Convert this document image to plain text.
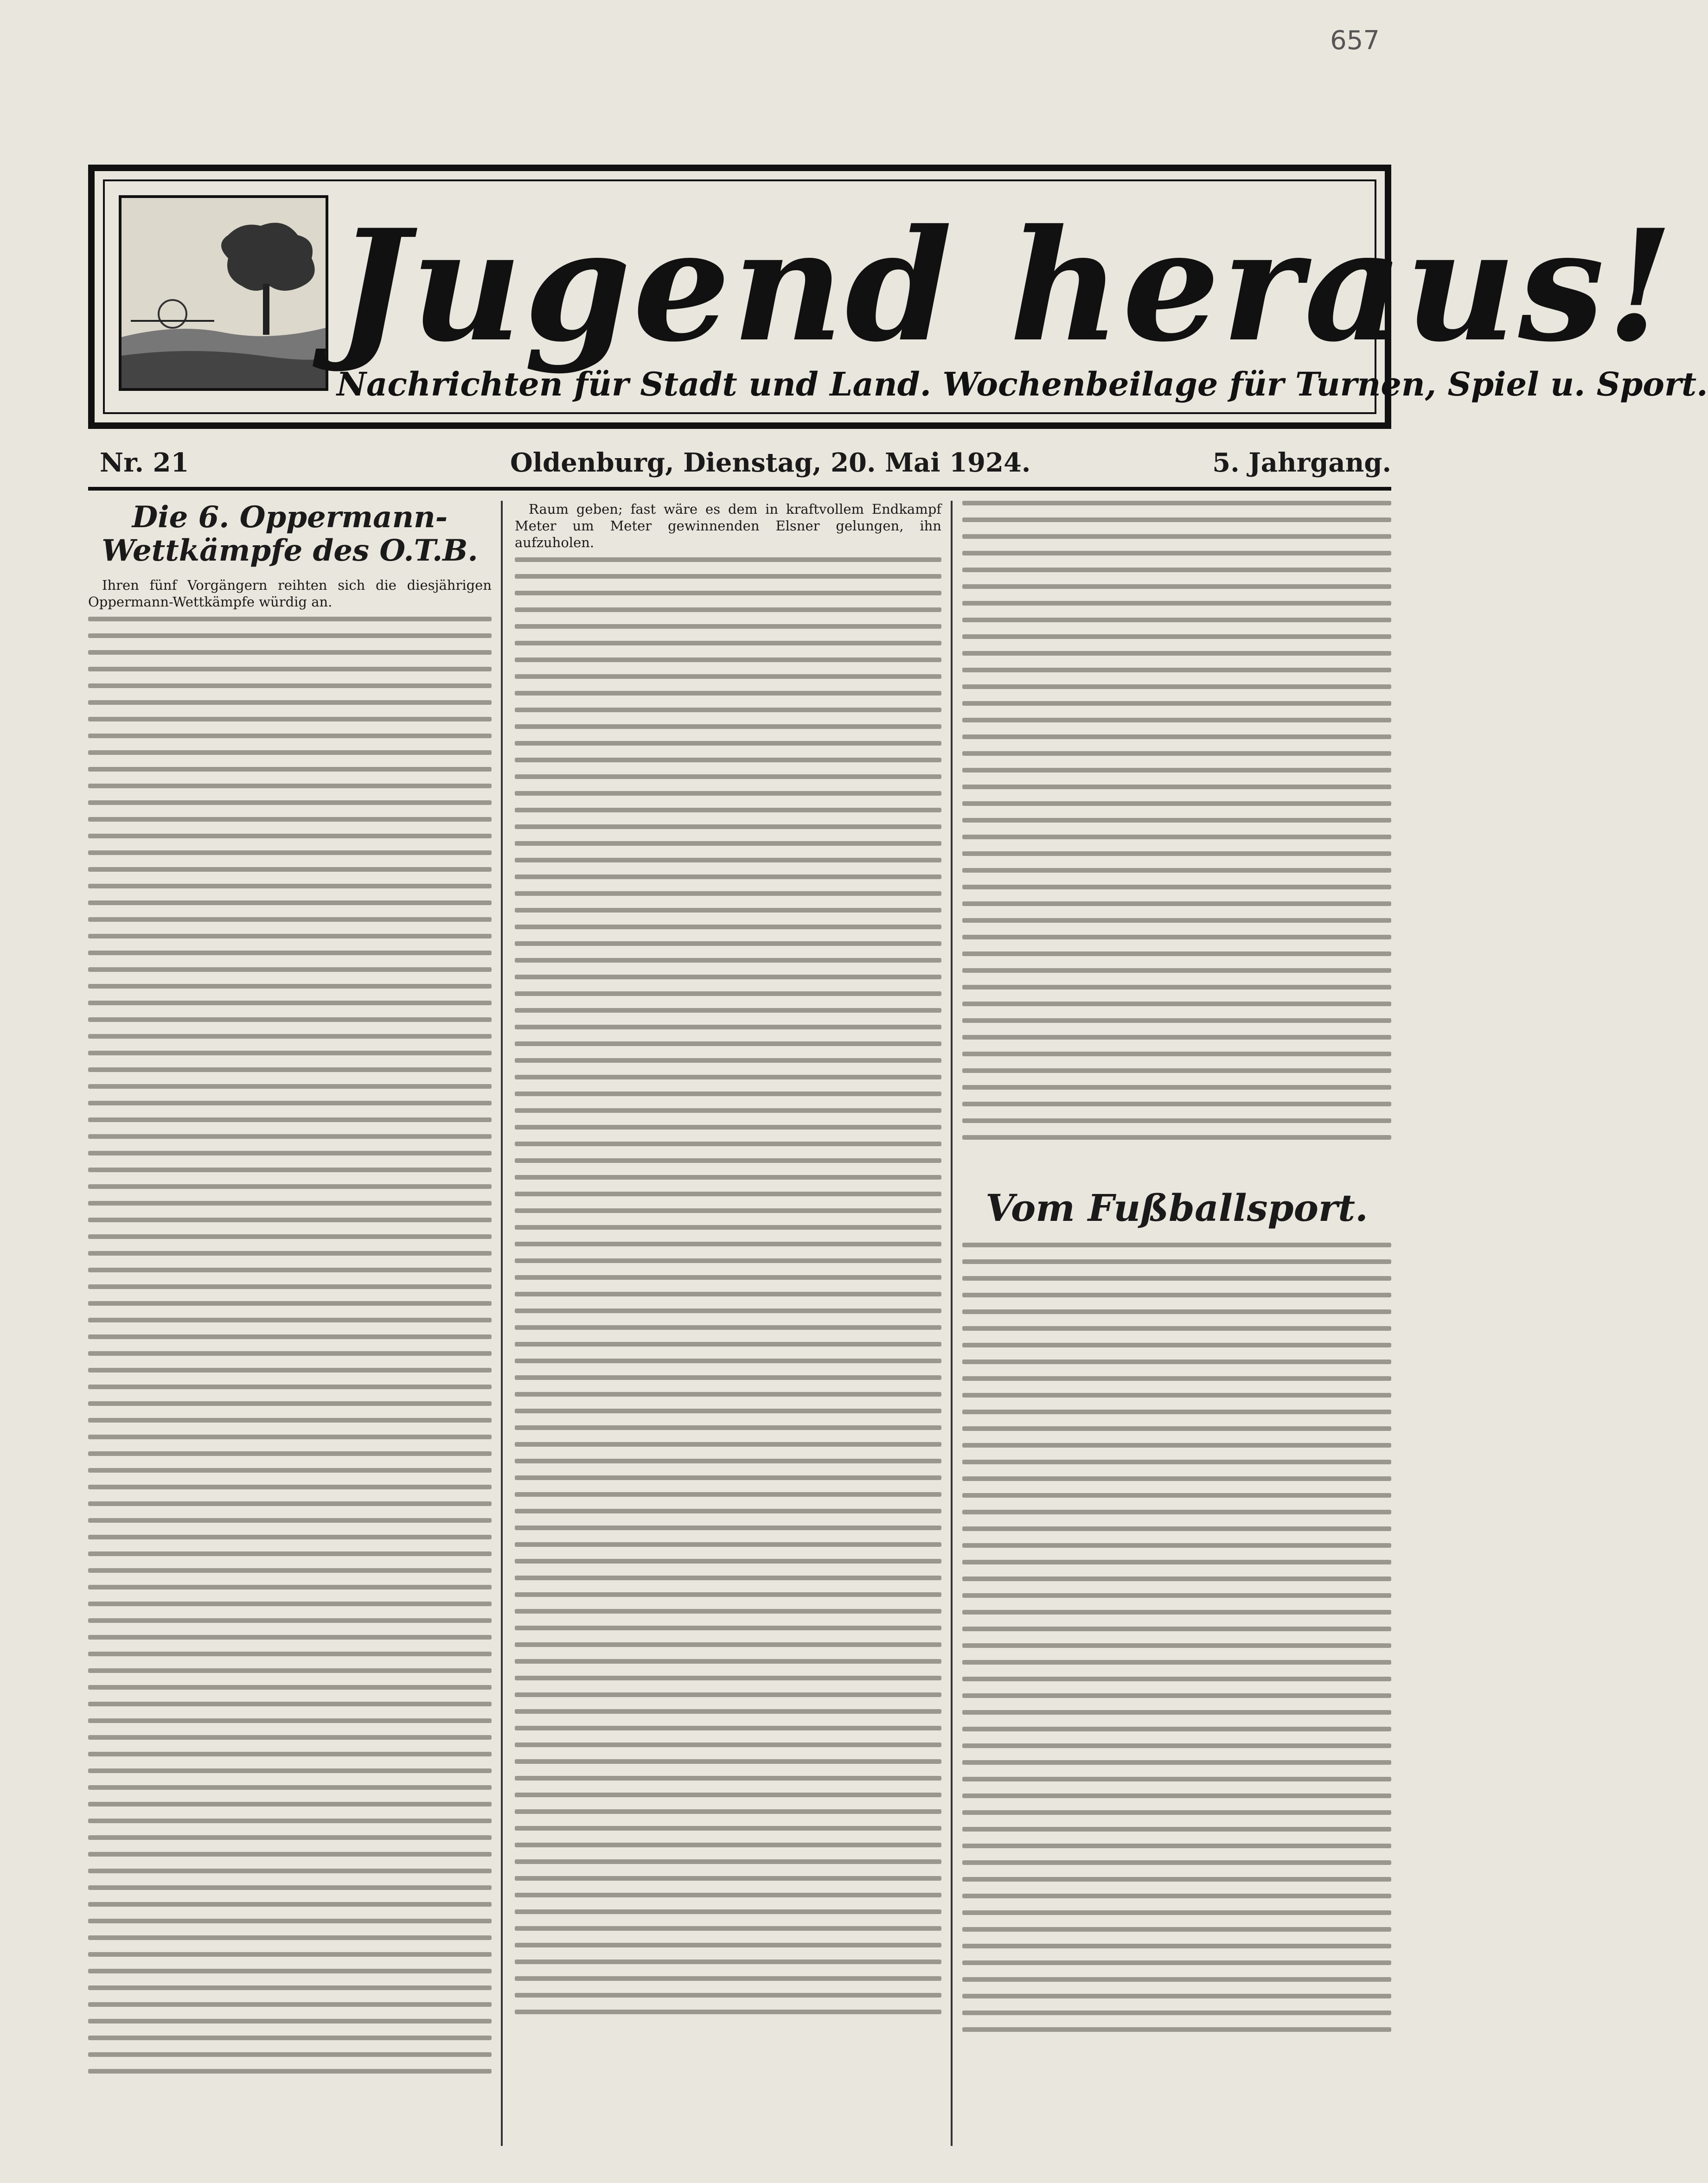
657
Jugend heraus!
Nachrichten für Stadt und Land. Wochenbeilage für Turnen, Spiel u. Sport.
Nr. 21	Oldenburg, Dienstag, 20. Mai 1924.	5. Jahrgang.
Die 6. Oppermann-Wettkämpfe des O.T.B.

Ihren fünf Vorgängern reihten sich die diesjährigen Oppermann-Wettkämpfe würdig an.

Raum geben; fast wäre es dem in kraftvollem Endkampf Meter um Meter gewinnenden Elsner gelungen, ihn aufzuholen.

Vom Fußballsport.
